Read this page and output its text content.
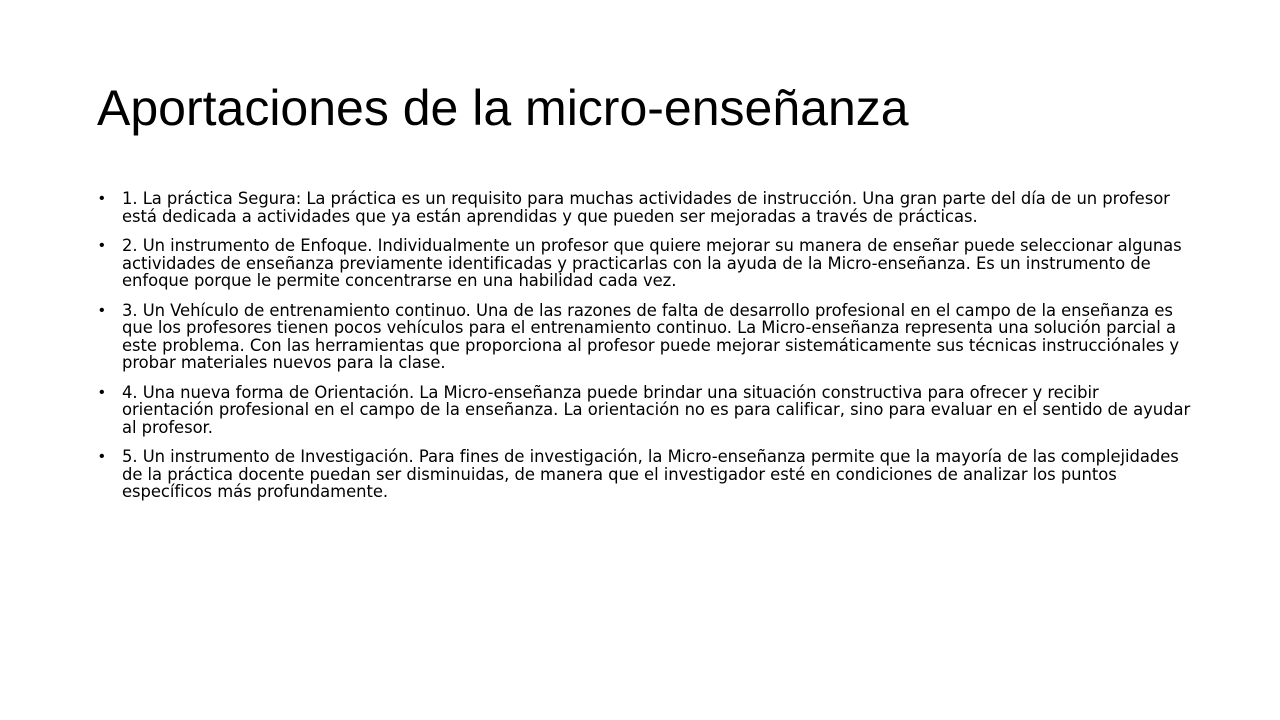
Aportaciones de la micro-enseñanza
• 1. La práctica Segura: La práctica es un requisito para muchas actividades de instrucción. Una gran parte del día de un profesor está dedicada a actividades que ya están aprendidas y que pueden ser mejoradas a través de prácticas.
• 2. Un instrumento de Enfoque. Individualmente un profesor que quiere mejorar su manera de enseñar puede seleccionar algunas actividades de enseñanza previamente identificadas y practicarlas con la ayuda de la Micro-enseñanza. Es un instrumento de enfoque porque le permite concentrarse en una habilidad cada vez.
• 3. Un Vehículo de entrenamiento continuo. Una de las razones de falta de desarrollo profesional en el campo de la enseñanza es que los profesores tienen pocos vehículos para el entrenamiento continuo. La Micro-enseñanza representa una solución parcial a este problema. Con las herramientas que proporciona al profesor puede mejorar sistemáticamente sus técnicas instrucciónales y probar materiales nuevos para la clase.
• 4. Una nueva forma de Orientación. La Micro-enseñanza puede brindar una situación constructiva para ofrecer y recibir orientación profesional en el campo de la enseñanza. La orientación no es para calificar, sino para evaluar en el sentido de ayudar al profesor.
• 5. Un instrumento de Investigación. Para fines de investigación, la Micro-enseñanza permite que la mayoría de las complejidades de la práctica docente puedan ser disminuidas, de manera que el investigador esté en condiciones de analizar los puntos específicos más profundamente.
